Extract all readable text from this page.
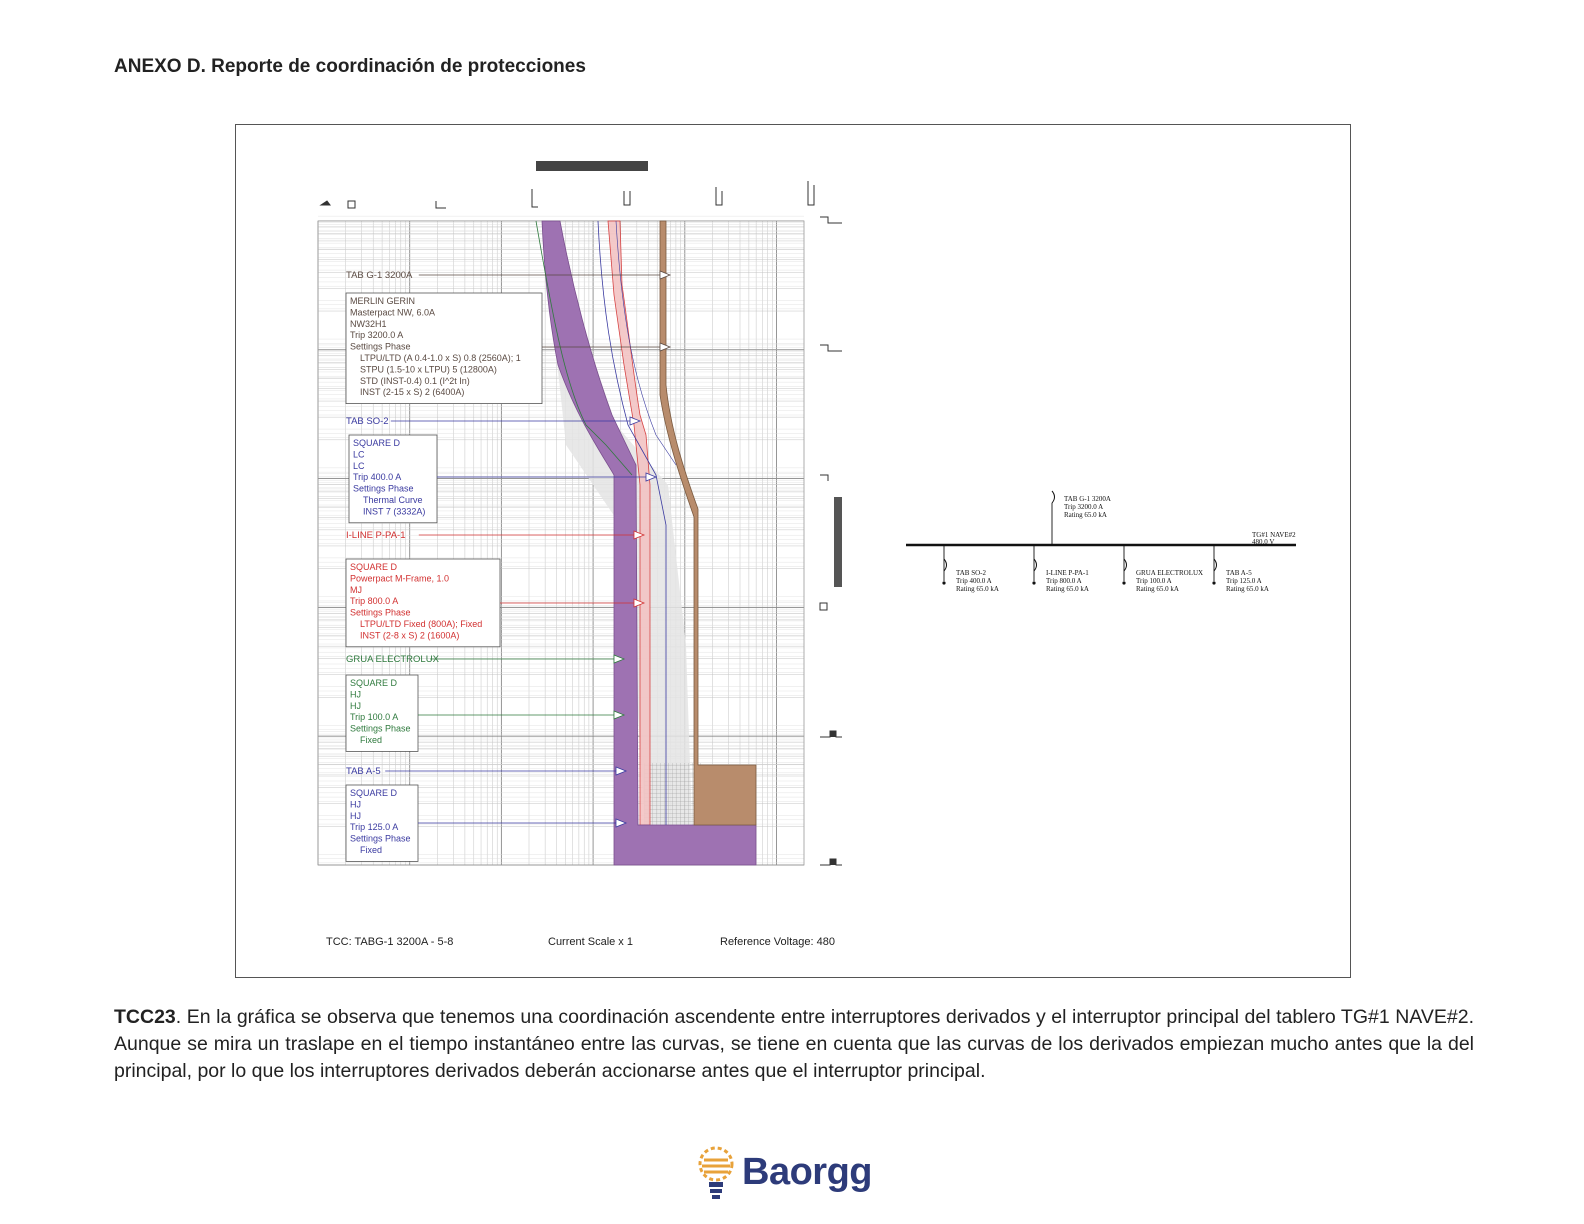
ANEXO D. Reporte de coordinación de protecciones
TAB G-1 3200A
MERLIN GERIN
Masterpact NW, 6.0A
NW32H1
Trip 3200.0 A
Settings Phase
LTPU/LTD (A 0.4-1.0 x S) 0.8 (2560A); 1
STPU (1.5-10 x LTPU) 5 (12800A)
STD (INST-0.4) 0.1 (I^2t In)
INST (2-15 x S) 2 (6400A)
TAB SO-2
SQUARE D
LC
LC
Trip 400.0 A
Settings Phase
Thermal Curve
INST 7 (3332A)
I-LINE P-PA-1
SQUARE D
Powerpact M-Frame, 1.0
MJ
Trip 800.0 A
Settings Phase
LTPU/LTD Fixed (800A); Fixed
INST (2-8 x S) 2 (1600A)
GRUA ELECTROLUX
SQUARE D
HJ
HJ
Trip 100.0 A
Settings Phase
Fixed
TAB A-5
SQUARE D
HJ
HJ
Trip 125.0 A
Settings Phase
Fixed
TG#1 NAVE#2
480.0 V
TAB G-1 3200A
Trip 3200.0 A
Rating 65.0 kA
TAB SO-2
Trip 400.0 A
Rating 65.0 kA
I-LINE P-PA-1
Trip 800.0 A
Rating 65.0 kA
GRUA ELECTROLUX
Trip 100.0 A
Rating 65.0 kA
TAB A-5
Trip 125.0 A
Rating 65.0 kA
TCC: TABG-1 3200A - 5-8	Current Scale x 1	Reference Voltage: 480
TCC23. En la gráfica se observa que tenemos una coordinación ascendente entre interruptores derivados y el interruptor principal del tablero TG#1 NAVE#2. Aunque se mira un traslape en el tiempo instantáneo entre las curvas, se tiene en cuenta que las curvas de los derivados empiezan mucho antes que la del principal, por lo que los interruptores derivados deberán accionarse antes que el interruptor principal.
Baorgg
